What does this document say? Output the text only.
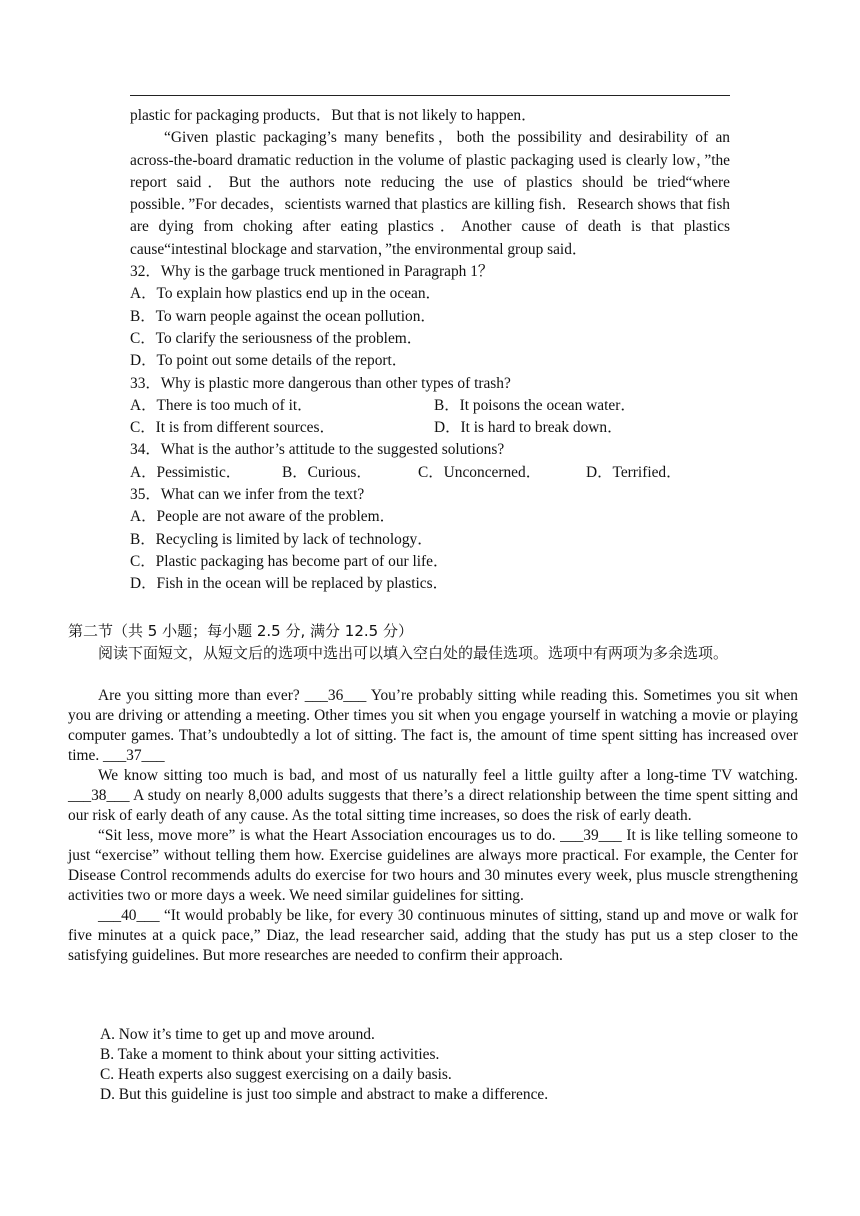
plastic for packaging products．But that is not likely to happen．

“Given plastic packaging’s many benefits，both the possibility and desirability of an across-the-board dramatic reduction in the volume of plastic packaging used is clearly low，”the report said．But the authors note reducing the use of plastics should be tried“where possible．”For decades，scientists warned that plastics are killing fish．Research shows that fish are dying from choking after eating plastics．Another cause of death is that plastics cause“intestinal blockage and starvation，”the environmental group said．

32．Why is the garbage truck mentioned in Paragraph 1？

A．To explain how plastics end up in the ocean．

B．To warn people against the ocean pollution．

C．To clarify the seriousness of the problem．

D．To point out some details of the report．

33．Why is plastic more dangerous than other types of trash?

A．There is too much of it．	B．It poisons the ocean water．
C．It is from different sources．	D．It is hard to break down．

34．What is the author’s attitude to the suggested solutions?

A．Pessimistic．	B．Curious．	C．Unconcerned．	D．Terrified．

35．What can we infer from the text?

A．People are not aware of the problem．

B．Recycling is limited by lack of technology．

C．Plastic packaging has become part of our life．

D．Fish in the ocean will be replaced by plastics．

第二节（共 5 小题；每小题 2.5 分, 满分 12.5 分）
阅读下面短文，从短文后的选项中选出可以填入空白处的最佳选项。选项中有两项为多余选项。

Are you sitting more than ever? ___36___ You’re probably sitting while reading this. Sometimes you sit when you are driving or attending a meeting. Other times you sit when you engage yourself in watching a movie or playing computer games. That’s undoubtedly a lot of sitting. The fact is, the amount of time spent sitting has increased over time. ___37___

We know sitting too much is bad, and most of us naturally feel a little guilty after a long-time TV watching. ___38___ A study on nearly 8,000 adults suggests that there’s a direct relationship between the time spent sitting and our risk of early death of any cause. As the total sitting time increases, so does the risk of early death.

“Sit less, move more” is what the Heart Association encourages us to do. ___39___ It is like telling someone to just “exercise” without telling them how. Exercise guidelines are always more practical. For example, the Center for Disease Control recommends adults do exercise for two hours and 30 minutes every week, plus muscle strengthening activities two or more days a week. We need similar guidelines for sitting.

___40___ “It would probably be like, for every 30 continuous minutes of sitting, stand up and move or walk for five minutes at a quick pace,” Diaz, the lead researcher said, adding that the study has put us a step closer to the satisfying guidelines. But more researches are needed to confirm their approach.

A. Now it’s time to get up and move around.
B. Take a moment to think about your sitting activities.
C. Heath experts also suggest exercising on a daily basis.
D. But this guideline is just too simple and abstract to make a difference.
